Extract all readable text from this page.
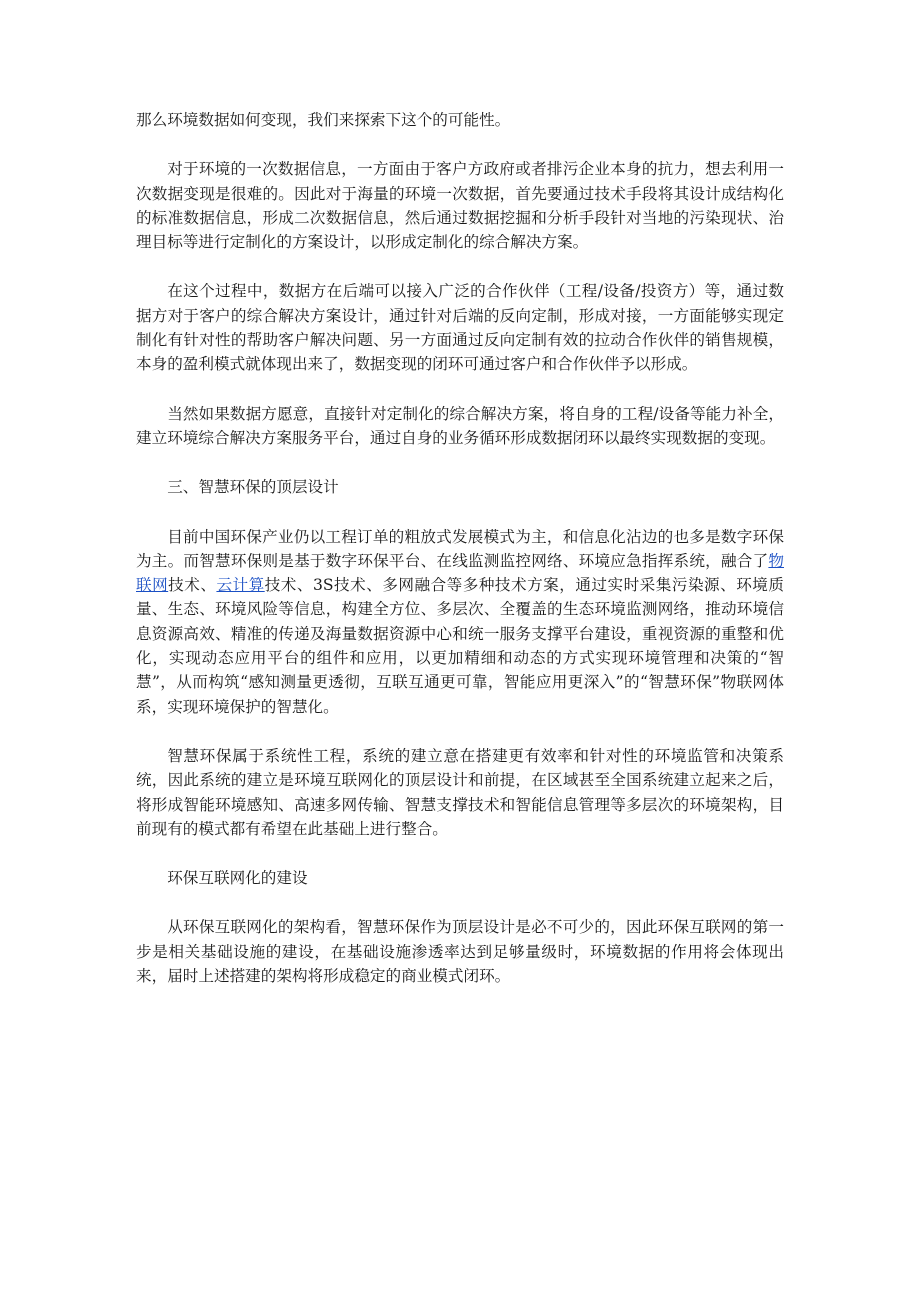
那么环境数据如何变现，我们来探索下这个的可能性。

对于环境的一次数据信息，一方面由于客户方政府或者排污企业本身的抗力，想去利用一次数据变现是很难的。因此对于海量的环境一次数据，首先要通过技术手段将其设计成结构化的标准数据信息，形成二次数据信息，然后通过数据挖掘和分析手段针对当地的污染现状、治理目标等进行定制化的方案设计，以形成定制化的综合解决方案。

在这个过程中，数据方在后端可以接入广泛的合作伙伴（工程/设备/投资方）等，通过数据方对于客户的综合解决方案设计，通过针对后端的反向定制，形成对接，一方面能够实现定制化有针对性的帮助客户解决问题、另一方面通过反向定制有效的拉动合作伙伴的销售规模，本身的盈利模式就体现出来了，数据变现的闭环可通过客户和合作伙伴予以形成。

当然如果数据方愿意，直接针对定制化的综合解决方案，将自身的工程/设备等能力补全，建立环境综合解决方案服务平台，通过自身的业务循环形成数据闭环以最终实现数据的变现。

三、智慧环保的顶层设计

目前中国环保产业仍以工程订单的粗放式发展模式为主，和信息化沾边的也多是数字环保为主。而智慧环保则是基于数字环保平台、在线监测监控网络、环境应急指挥系统，融合了物联网技术、云计算技术、3S技术、多网融合等多种技术方案，通过实时采集污染源、环境质量、生态、环境风险等信息，构建全方位、多层次、全覆盖的生态环境监测网络，推动环境信息资源高效、精准的传递及海量数据资源中心和统一服务支撑平台建设，重视资源的重整和优化，实现动态应用平台的组件和应用，以更加精细和动态的方式实现环境管理和决策的“智慧”，从而构筑“感知测量更透彻，互联互通更可靠，智能应用更深入”的“智慧环保”物联网体系，实现环境保护的智慧化。

智慧环保属于系统性工程，系统的建立意在搭建更有效率和针对性的环境监管和决策系统，因此系统的建立是环境互联网化的顶层设计和前提，在区域甚至全国系统建立起来之后，将形成智能环境感知、高速多网传输、智慧支撑技术和智能信息管理等多层次的环境架构，目前现有的模式都有希望在此基础上进行整合。

环保互联网化的建设

从环保互联网化的架构看，智慧环保作为顶层设计是必不可少的，因此环保互联网的第一步是相关基础设施的建设，在基础设施渗透率达到足够量级时，环境数据的作用将会体现出来，届时上述搭建的架构将形成稳定的商业模式闭环。
